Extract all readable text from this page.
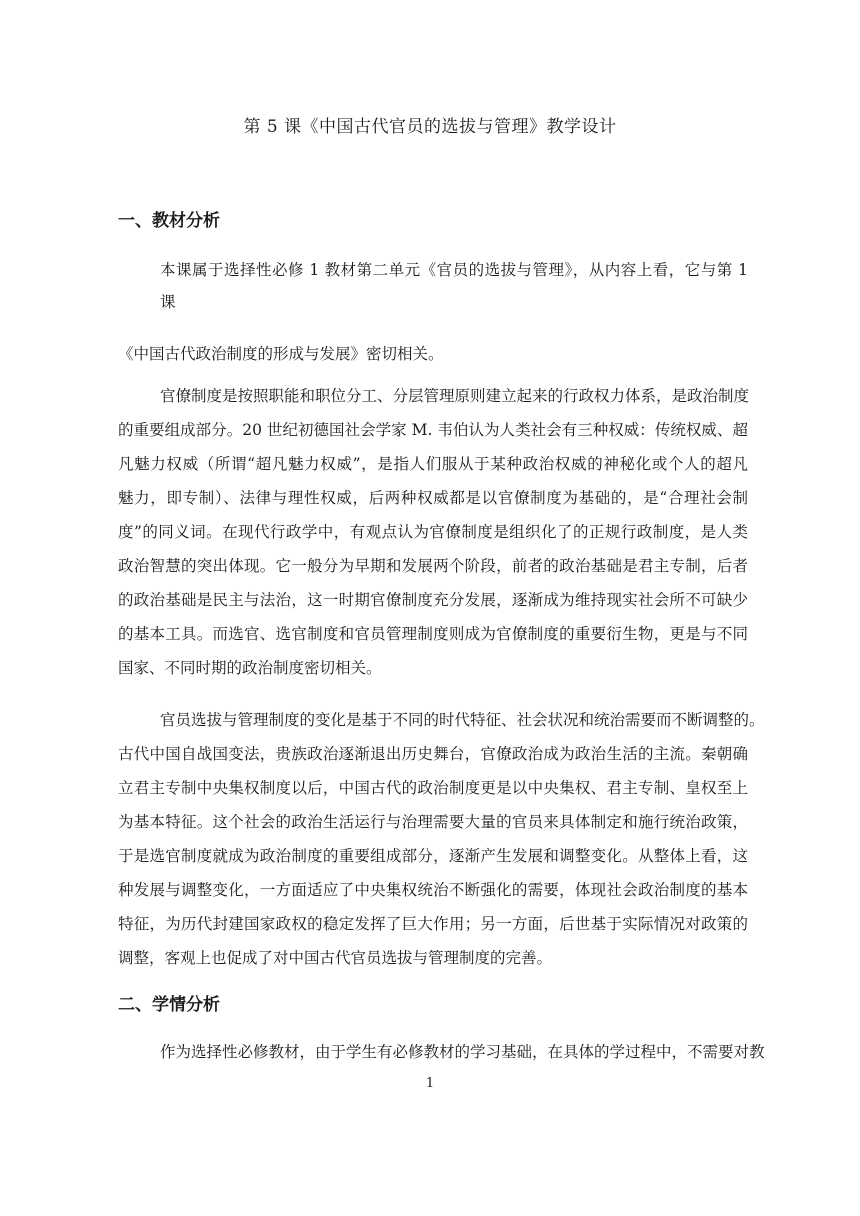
第 5 课《中国古代官员的选拔与管理》教学设计
一、教材分析
本课属于选择性必修 1 教材第二单元《官员的选拔与管理》，从内容上看，它与第 1
课
《中国古代政治制度的形成与发展》密切相关。
官僚制度是按照职能和职位分工、分层管理原则建立起来的行政权力体系，是政治制度
的重要组成部分。20 世纪初德国社会学家 M. 韦伯认为人类社会有三种权威：传统权威、超
凡魅力权威（所谓“超凡魅力权威”，是指人们服从于某种政治权威的神秘化或个人的超凡
魅力，即专制）、法律与理性权威，后两种权威都是以官僚制度为基础的，是“合理社会制
度”的同义词。在现代行政学中，有观点认为官僚制度是组织化了的正规行政制度，是人类
政治智慧的突出体现。它一般分为早期和发展两个阶段，前者的政治基础是君主专制，后者
的政治基础是民主与法治，这一时期官僚制度充分发展，逐渐成为维持现实社会所不可缺少
的基本工具。而选官、选官制度和官员管理制度则成为官僚制度的重要衍生物，更是与不同
国家、不同时期的政治制度密切相关。
官员选拔与管理制度的变化是基于不同的时代特征、社会状况和统治需要而不断调整的。
古代中国自战国变法，贵族政治逐渐退出历史舞台，官僚政治成为政治生活的主流。秦朝确
立君主专制中央集权制度以后，中国古代的政治制度更是以中央集权、君主专制、皇权至上
为基本特征。这个社会的政治生活运行与治理需要大量的官员来具体制定和施行统治政策，
于是选官制度就成为政治制度的重要组成部分，逐渐产生发展和调整变化。从整体上看，这
种发展与调整变化，一方面适应了中央集权统治不断强化的需要，体现社会政治制度的基本
特征，为历代封建国家政权的稳定发挥了巨大作用；另一方面，后世基于实际情况对政策的
调整，客观上也促成了对中国古代官员选拔与管理制度的完善。
二、学情分析
作为选择性必修教材，由于学生有必修教材的学习基础，在具体的学过程中，不需要对教
1
